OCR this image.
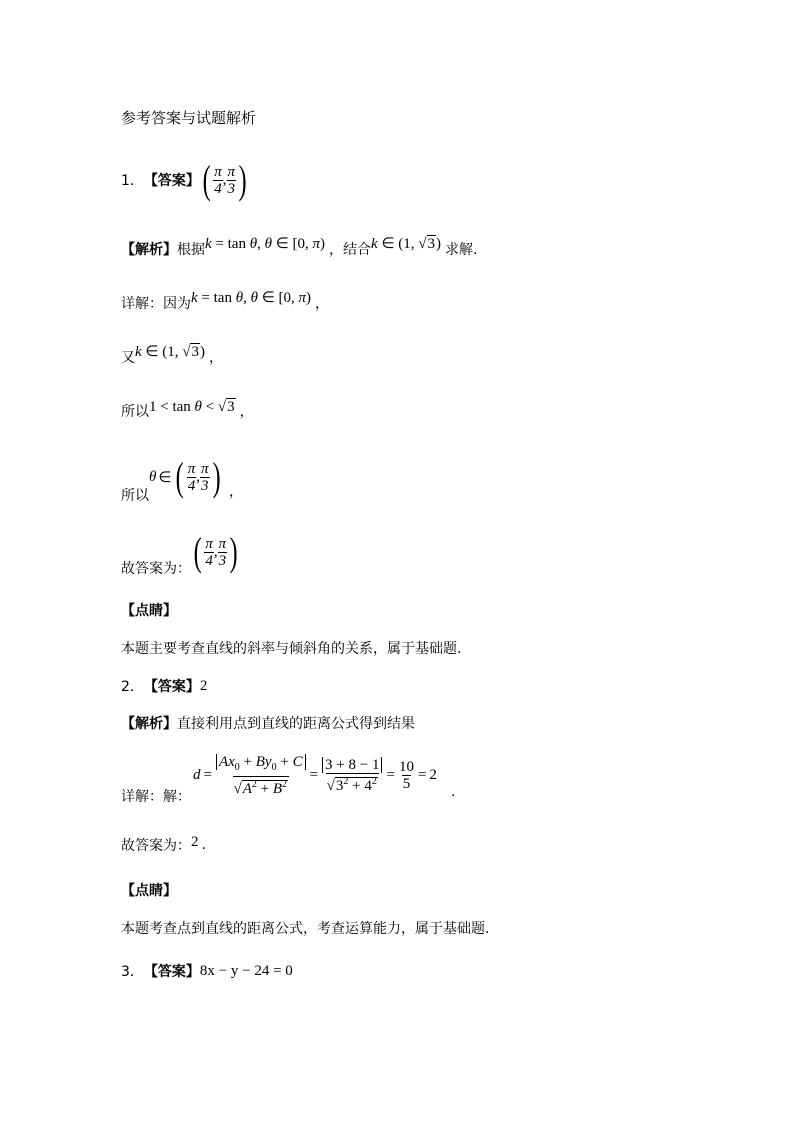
参考答案与试题解析
1． 【答案】 ( $\frac{\pi}{4}$ , $\frac{\pi}{3}$ )
【解析】 根据 k = tan θ, θ ∈ [0, π) ，结合 k ∈ (1, √3) 求解.
详解：因为 k = tan θ, θ ∈ [0, π) ，
又 k ∈ (1, √3) ，
所以 1 < tan θ < √3 ，
所以
θ ∈ ( $\frac{\pi}{4}$ , $\frac{\pi}{3}$ ) ，
故答案为： ( $\frac{\pi}{4}$ , $\frac{\pi}{3}$ )
【点睛】
本题主要考查直线的斜率与倾斜角的关系，属于基础题.
2． 【答案】 2
【解析】 直接利用点到直线的距离公式得到结果
详解：解：
$d = \frac{Ax_0 + By_0 + C}{√A^2 + B^2} = \frac{3 + 8 - 1}{√3^2 + 4^2} = \frac{10}{5} = 2$
.
故答案为： 2 .
【点睛】
本题考查点到直线的距离公式，考查运算能力，属于基础题.
3． 【答案】 8x − y − 24 = 0
